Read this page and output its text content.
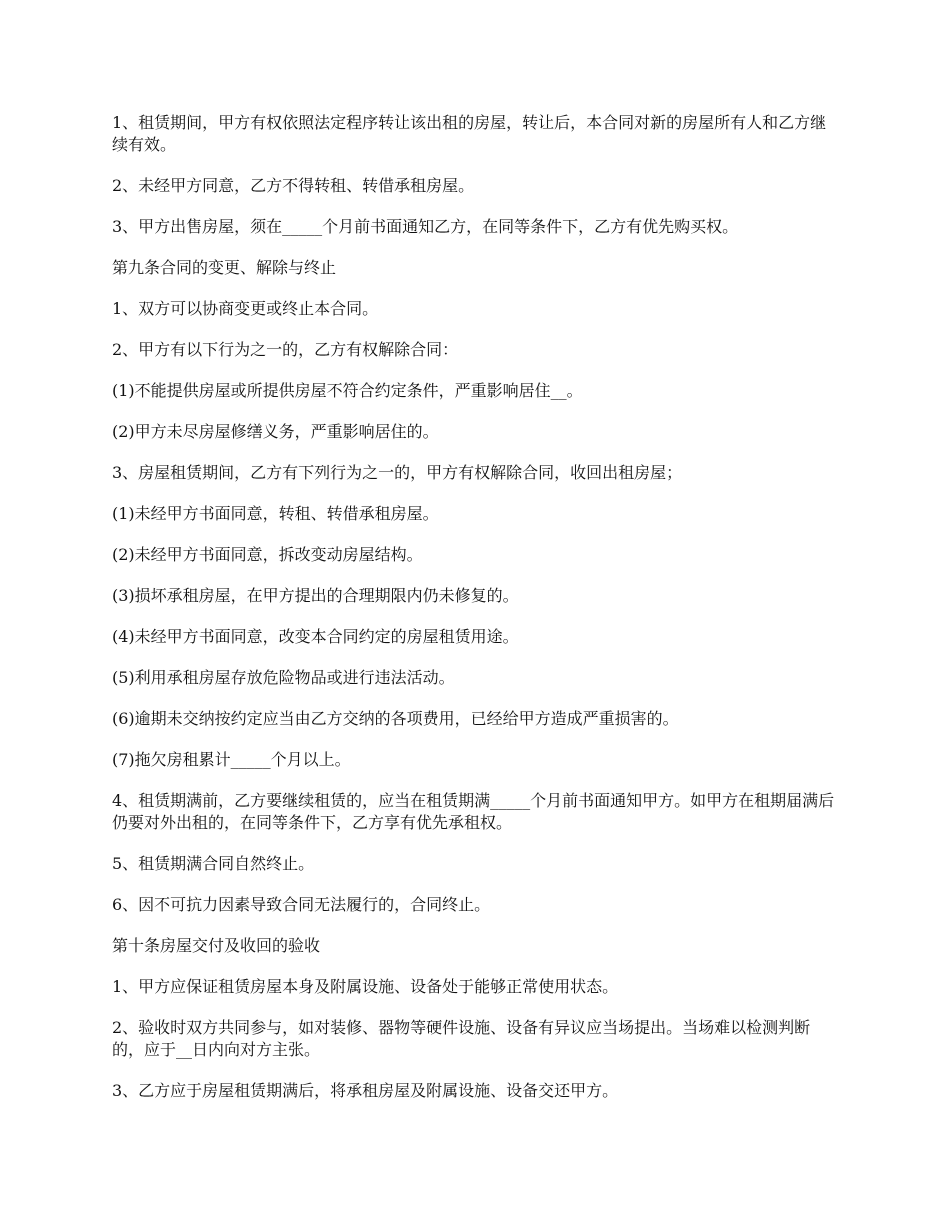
1、租赁期间，甲方有权依照法定程序转让该出租的房屋，转让后，本合同对新的房屋所有人和乙方继续有效。

2、未经甲方同意，乙方不得转租、转借承租房屋。

3、甲方出售房屋，须在_____个月前书面通知乙方，在同等条件下，乙方有优先购买权。

第九条合同的变更、解除与终止

1、双方可以协商变更或终止本合同。

2、甲方有以下行为之一的，乙方有权解除合同：

(1)不能提供房屋或所提供房屋不符合约定条件，严重影响居住__。

(2)甲方未尽房屋修缮义务，严重影响居住的。

3、房屋租赁期间，乙方有下列行为之一的，甲方有权解除合同，收回出租房屋；

(1)未经甲方书面同意，转租、转借承租房屋。

(2)未经甲方书面同意，拆改变动房屋结构。

(3)损坏承租房屋，在甲方提出的合理期限内仍未修复的。

(4)未经甲方书面同意，改变本合同约定的房屋租赁用途。

(5)利用承租房屋存放危险物品或进行违法活动。

(6)逾期未交纳按约定应当由乙方交纳的各项费用，已经给甲方造成严重损害的。

(7)拖欠房租累计_____个月以上。

4、租赁期满前，乙方要继续租赁的，应当在租赁期满_____个月前书面通知甲方。如甲方在租期届满后仍要对外出租的，在同等条件下，乙方享有优先承租权。

5、租赁期满合同自然终止。

6、因不可抗力因素导致合同无法履行的，合同终止。

第十条房屋交付及收回的验收

1、甲方应保证租赁房屋本身及附属设施、设备处于能够正常使用状态。

2、验收时双方共同参与，如对装修、器物等硬件设施、设备有异议应当场提出。当场难以检测判断的，应于__日内向对方主张。

3、乙方应于房屋租赁期满后，将承租房屋及附属设施、设备交还甲方。
